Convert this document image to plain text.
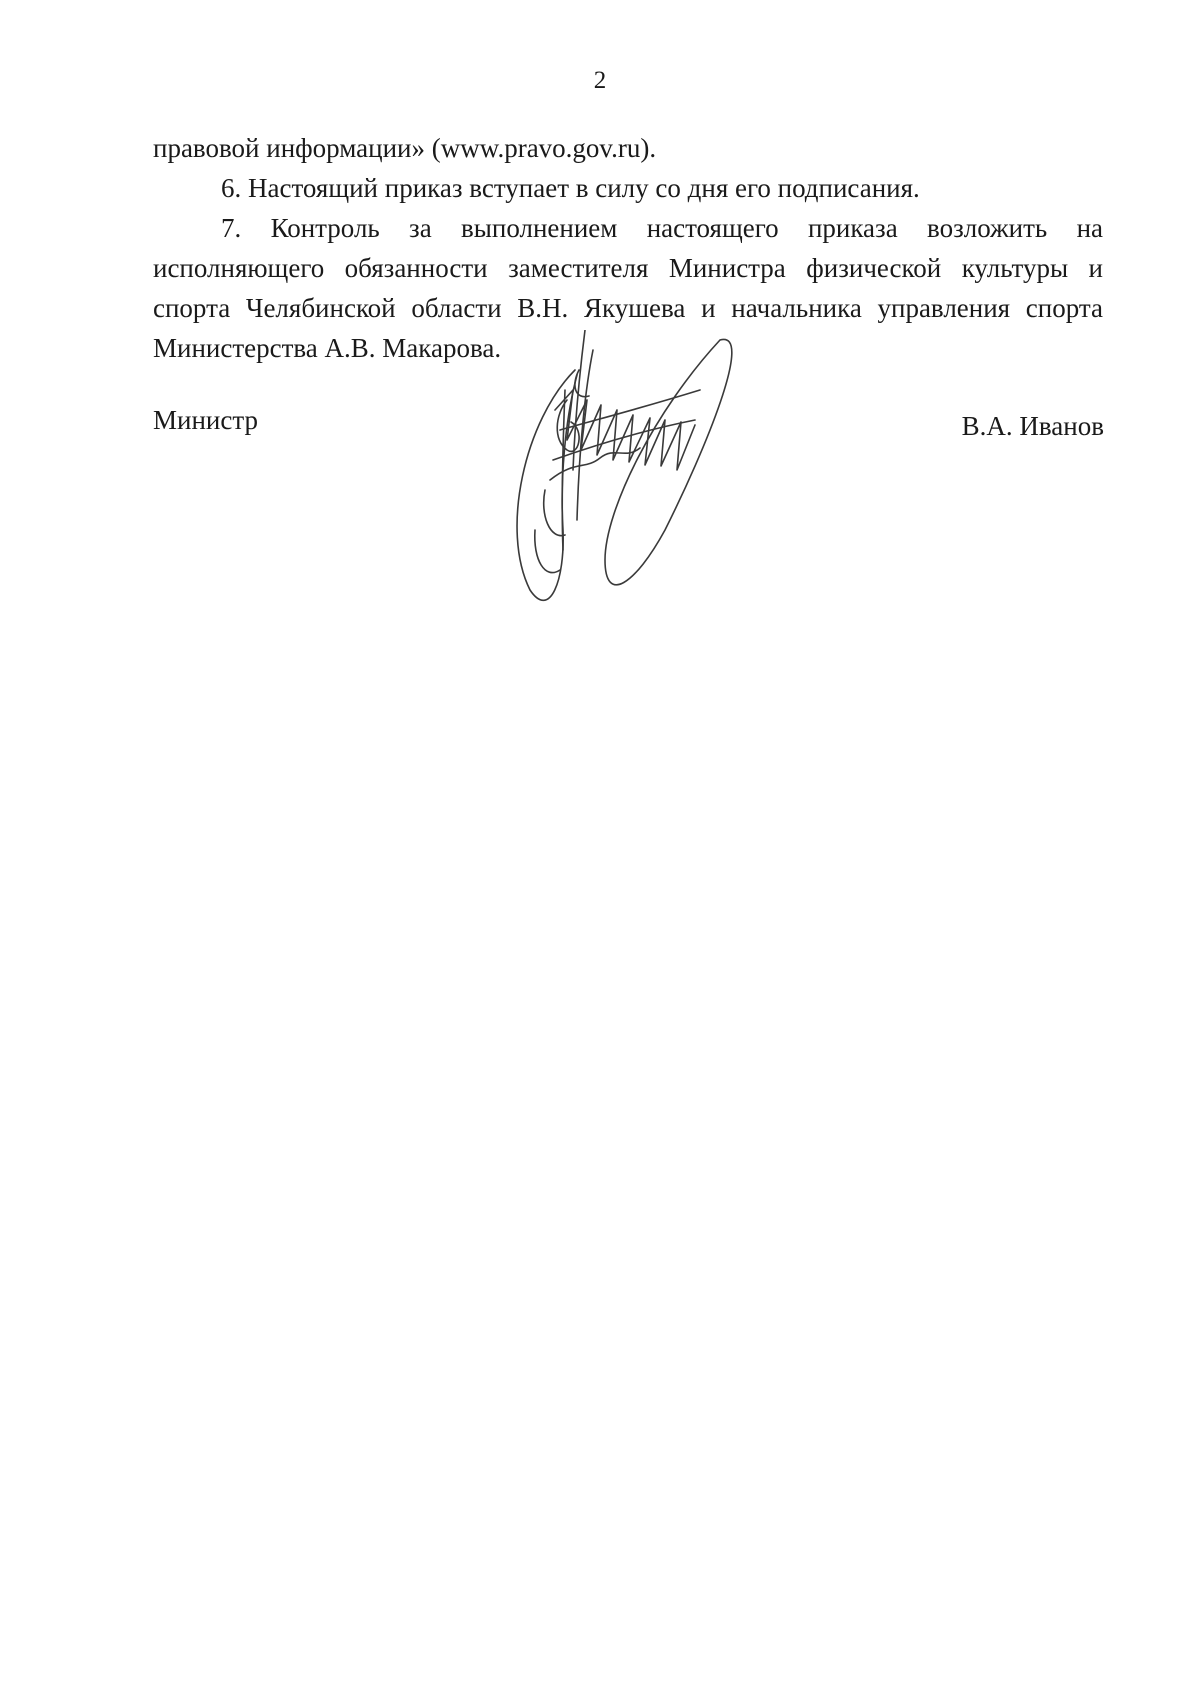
2

правовой информации» (www.pravo.gov.ru).

6. Настоящий приказ вступает в силу со дня его подписания.

7. Контроль за выполнением настоящего приказа возложить на исполняющего обязанности заместителя Министра физической культуры и спорта Челябинской области В.Н. Якушева и начальника управления спорта Министерства А.В. Макарова.

Министр	В.А. Иванов
